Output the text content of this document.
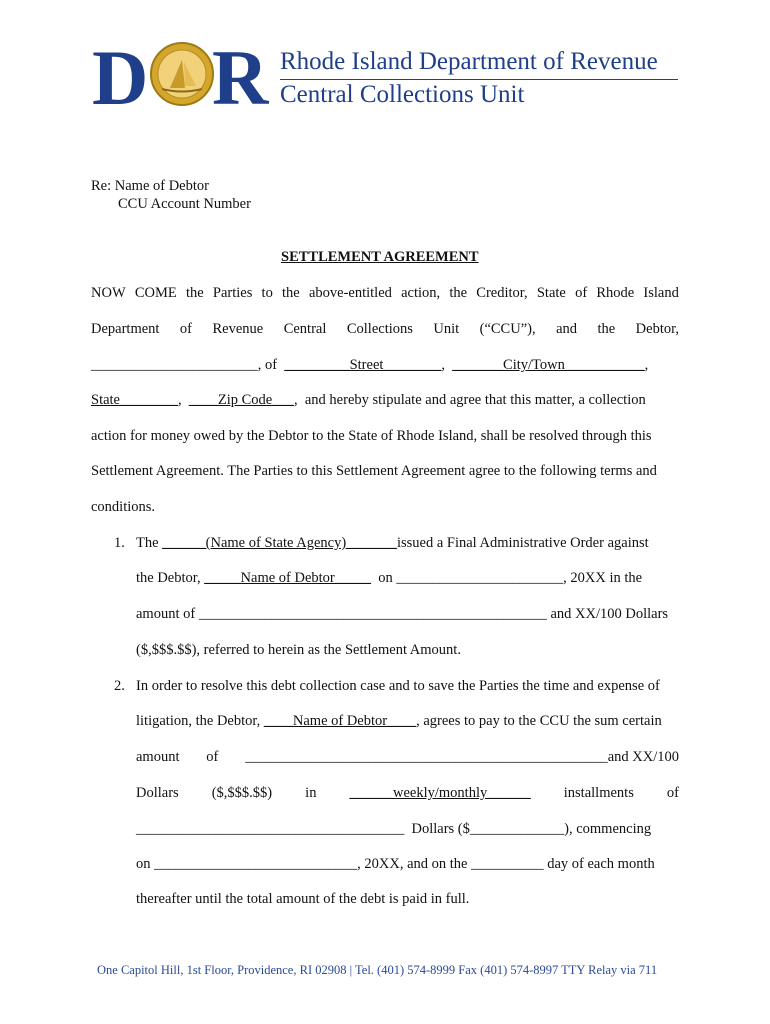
D R Rhode Island Department of Revenue
Central Collections Unit
Re: Name of Debtor
CCU Account Number
SETTLEMENT AGREEMENT
NOW COME the Parties to the above-entitled action, the Creditor, State of Rhode Island
Department of Revenue Central Collections Unit (“CCU”), and the Debtor,
_______________________, of _________Street________, _______City/Town___________,
State________, ____Zip Code___, and hereby stipulate and agree that this matter, a collection
action for money owed by the Debtor to the State of Rhode Island, shall be resolved through this
Settlement Agreement. The Parties to this Settlement Agreement agree to the following terms and
conditions.
1. The ______(Name of State Agency)_______issued a Final Administrative Order against
the Debtor, _____Name of Debtor_____ on _______________________, 20XX in the
amount of ________________________________________________ and XX/100 Dollars
($,$$$.$$), referred to herein as the Settlement Amount.
2. In order to resolve this debt collection case and to save the Parties the time and expense of
litigation, the Debtor, ____Name of Debtor____, agrees to pay to the CCU the sum certain
amount of __________________________________________________and XX/100
Dollars ($,$$$.$$) in ______weekly/monthly______ installments of
_____________________________________ Dollars ($_____________), commencing
on ____________________________, 20XX, and on the __________ day of each month
thereafter until the total amount of the debt is paid in full.
One Capitol Hill, 1st Floor, Providence, RI 02908 | Tel. (401) 574-8999 Fax (401) 574-8997 TTY Relay via 711
